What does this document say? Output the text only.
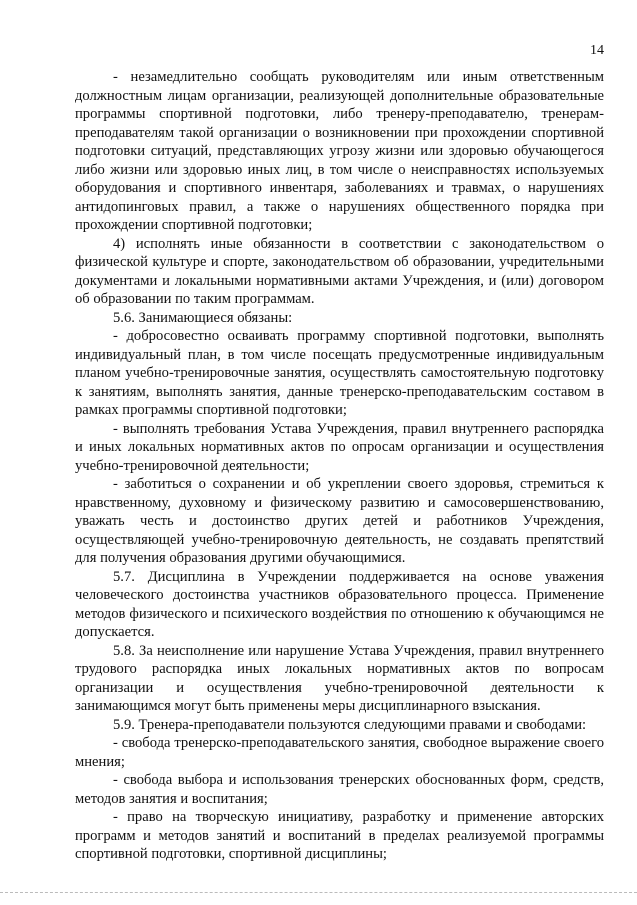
14

- незамедлительно сообщать руководителям или иным ответственным должностным лицам организации, реализующей дополнительные образовательные программы спортивной подготовки, либо тренеру-преподавателю, тренерам-преподавателям такой организации о возникновении при прохождении спортивной подготовки ситуаций, представляющих угрозу жизни или здоровью обучающегося либо жизни или здоровью иных лиц, в том числе о неисправностях используемых оборудования и спортивного инвентаря, заболеваниях и травмах, о нарушениях антидопинговых правил, а также о нарушениях общественного порядка при прохождении спортивной подготовки;

4) исполнять иные обязанности в соответствии с законодательством о физической культуре и спорте, законодательством об образовании, учредительными документами и локальными нормативными актами Учреждения, и (или) договором об образовании по таким программам.

5.6. Занимающиеся обязаны:

- добросовестно осваивать программу спортивной подготовки, выполнять индивидуальный план, в том числе посещать предусмотренные индивидуальным планом учебно-тренировочные занятия, осуществлять самостоятельную подготовку к занятиям, выполнять занятия, данные тренерско-преподавательским составом в рамках программы спортивной подготовки;

- выполнять требования Устава Учреждения, правил внутреннего распорядка и иных локальных нормативных актов по опросам организации и осуществления учебно-тренировочной деятельности;

- заботиться о сохранении и об укреплении своего здоровья, стремиться к нравственному, духовному и физическому развитию и самосовершенствованию, уважать честь и достоинство других детей и работников Учреждения, осуществляющей учебно-тренировочную деятельность, не создавать препятствий для получения образования другими обучающимися.

5.7. Дисциплина в Учреждении поддерживается на основе уважения человеческого достоинства участников образовательного процесса. Применение методов физического и психического воздействия по отношению к обучающимся не допускается.

5.8. За неисполнение или нарушение Устава Учреждения, правил внутреннего трудового распорядка иных локальных нормативных актов по вопросам организации и осуществления учебно-тренировочной деятельности к занимающимся могут быть применены меры дисциплинарного взыскания.

5.9. Тренера-преподаватели пользуются следующими правами и свободами:

- свобода тренерско-преподавательского занятия, свободное выражение своего мнения;

- свобода выбора и использования тренерских обоснованных форм, средств, методов занятия и воспитания;

- право на творческую инициативу, разработку и применение авторских программ и методов занятий и воспитаний в пределах реализуемой программы спортивной подготовки, спортивной дисциплины;
